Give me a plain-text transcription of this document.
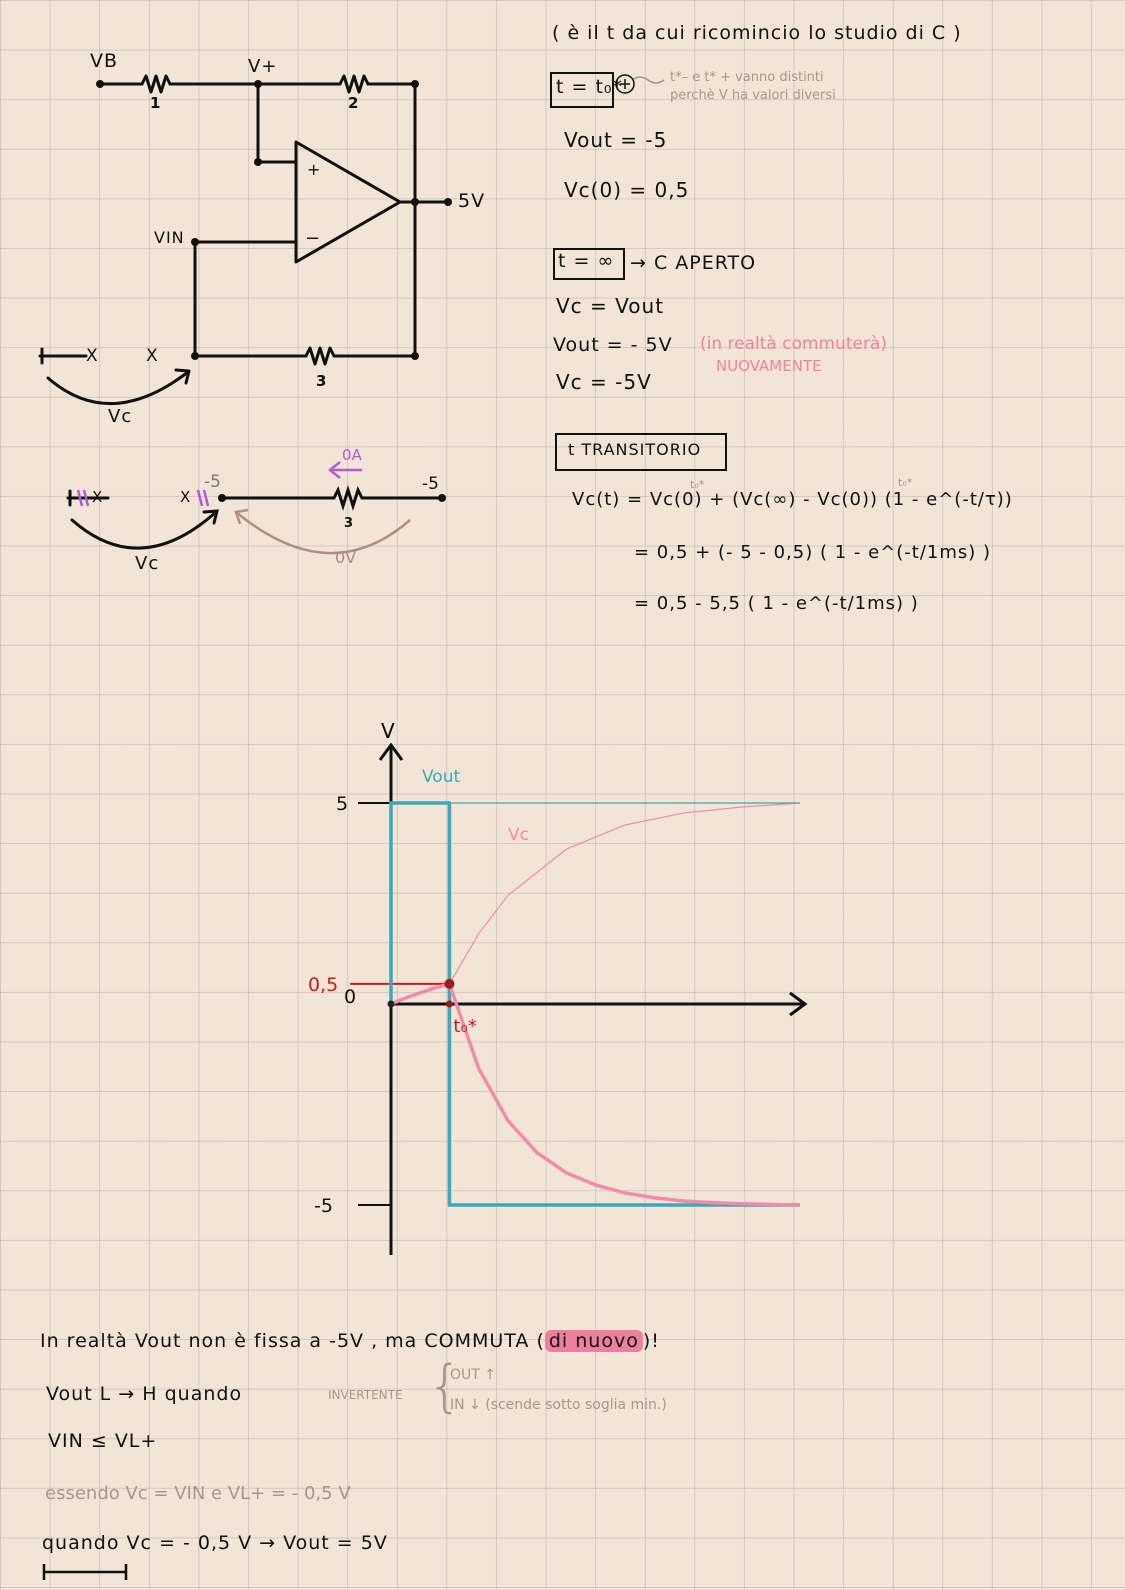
VB	V+
1	2
+
−
5V
VIN
3
X	X
Vc
-5	-5
0A
0V
3
X	X
Vc
( è il t da cui ricomincio lo studio di C )
t = t₀*	t*– e t* + vanno distinti
perchè V ha valori diversi
Vout = -5
Vc(0) = 0,5
t = ∞ → C APERTO
Vc = Vout
Vout = - 5V (in realtà commuterà)
NUOVAMENTE
Vc = -5V
t TRANSITORIO
t₀*	t₀*
Vc(t) = Vc(0) + (Vc(∞) - Vc(0)) (1 - e^(-t/τ))
= 0,5 + (- 5 - 0,5) ( 1 - e^(-t/1ms) )
= 0,5 - 5,5 ( 1 - e^(-t/1ms) )
V
5
0,5
0
-5
Vout
Vc
t₀*
In realtà Vout non è fissa a -5V , ma COMMUTA ( di nuovo )!
Vout L → H quando	INVERTENTE {
OUT ↑
IN ↓ (scende sotto soglia min.)
VIN ≤ VL+
essendo Vc = VIN e VL+ = - 0,5 V
quando Vc = - 0,5 V → Vout = 5V
